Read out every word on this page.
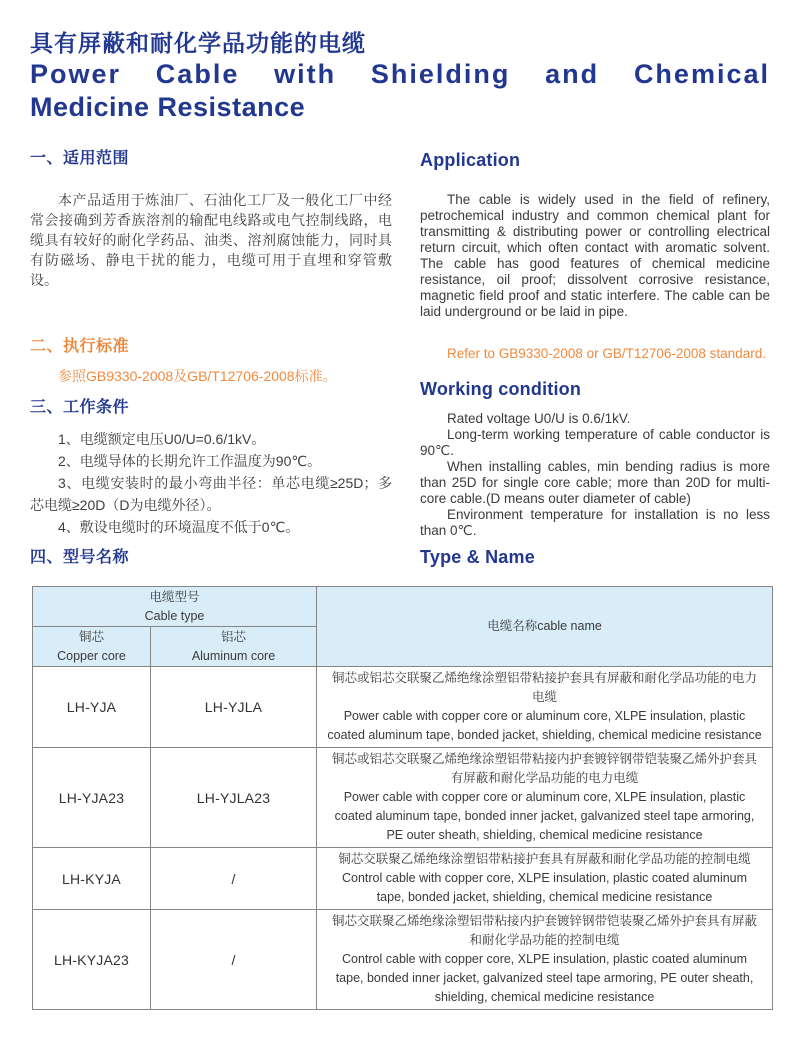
具有屏蔽和耐化学品功能的电缆
Power Cable with Shielding and Chemical
Medicine Resistance
一、适用范围

本产品适用于炼油厂、石油化工厂及一般化工厂中经常会接确到芳香族溶剂的输配电线路或电气控制线路，电缆具有较好的耐化学药品、油类、溶剂腐蚀能力，同时具有防磁场、静电干扰的能力，电缆可用于直埋和穿管敷设。

二、执行标准

参照GB9330-2008及GB/T12706-2008标准。

三、工作条件

1、电缆额定电压U0/U=0.6/1kV。

2、电缆导体的长期允许工作温度为90℃。

3、电缆安装时的最小弯曲半径：单芯电缆≥25D；多芯电缆≥20D（D为电缆外径）。

4、敷设电缆时的环境温度不低于0℃。

Application

The cable is widely used in the field of refinery, petrochemical industry and common chemical plant for transmitting & distributing power or controlling electrical return circuit, which often contact with aromatic solvent. The cable has good features of chemical medicine resistance, oil proof; dissolvent corrosive resistance, magnetic field proof and static interfere. The cable can be laid underground or be laid in pipe.

Refer to GB9330-2008 or GB/T12706-2008 standard.

Working condition

Rated voltage U0/U is 0.6/1kV.

Long-term working temperature of cable conductor is 90℃.

When installing cables, min bending radius is more than 25D for single core cable; more than 20D for multi-core cable.(D means outer diameter of cable)

Environment temperature for installation is no less than 0℃.

四、型号名称	Type & Name
电缆型号
Cable type		电缆名称cable name

铜芯
Copper core

铝芯
Aluminum core

LH-YJA	LH-YJLA	铜芯或铝芯交联聚乙烯绝缘涂塑铝带粘接护套具有屏蔽和耐化学品功能的电力电缆
Power cable with copper core or aluminum core, XLPE insulation, plastic coated aluminum tape, bonded jacket, shielding, chemical medicine resistance

LH-YJA23	LH-YJLA23	铜芯或铝芯交联聚乙烯绝缘涂塑铝带粘接内护套镀锌钢带铠装聚乙烯外护套具有屏蔽和耐化学品功能的电力电缆
Power cable with copper core or aluminum core, XLPE insulation, plastic coated aluminum tape, bonded inner jacket, galvanized steel tape armoring, PE outer sheath, shielding, chemical medicine resistance

LH-KYJA	/	铜芯交联聚乙烯绝缘涂塑铝带粘接护套具有屏蔽和耐化学品功能的控制电缆
Control cable with copper core, XLPE insulation, plastic coated aluminum tape, bonded jacket, shielding, chemical medicine resistance

LH-KYJA23	/	铜芯交联聚乙烯绝缘涂塑铝带粘接内护套镀锌钢带铠装聚乙烯外护套具有屏蔽和耐化学品功能的控制电缆
Control cable with copper core, XLPE insulation, plastic coated aluminum tape, bonded inner jacket, galvanized steel tape armoring, PE outer sheath, shielding, chemical medicine resistance
